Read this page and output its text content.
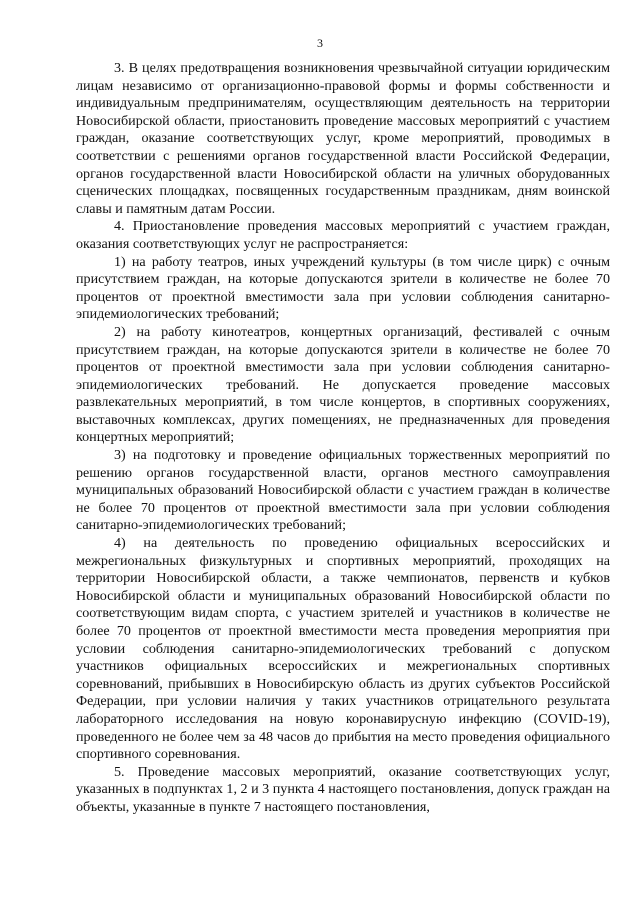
3

3. В целях предотвращения возникновения чрезвычайной ситуации юридическим лицам независимо от организационно-правовой формы и формы собственности и индивидуальным предпринимателям, осуществляющим деятельность на территории Новосибирской области, приостановить проведение массовых мероприятий с участием граждан, оказание соответствующих услуг, кроме мероприятий, проводимых в соответствии с решениями органов государственной власти Российской Федерации, органов государственной власти Новосибирской области на уличных оборудованных сценических площадках, посвященных государственным праздникам, дням воинской славы и памятным датам России.

4. Приостановление проведения массовых мероприятий с участием граждан, оказания соответствующих услуг не распространяется:

1) на работу театров, иных учреждений культуры (в том числе цирк) с очным присутствием граждан, на которые допускаются зрители в количестве не более 70 процентов от проектной вместимости зала при условии соблюдения санитарно-эпидемиологических требований;

2) на работу кинотеатров, концертных организаций, фестивалей с очным присутствием граждан, на которые допускаются зрители в количестве не более 70 процентов от проектной вместимости зала при условии соблюдения санитарно-эпидемиологических требований. Не допускается проведение массовых развлекательных мероприятий, в том числе концертов, в спортивных сооружениях, выставочных комплексах, других помещениях, не предназначенных для проведения концертных мероприятий;

3) на подготовку и проведение официальных торжественных мероприятий по решению органов государственной власти, органов местного самоуправления муниципальных образований Новосибирской области с участием граждан в количестве не более 70 процентов от проектной вместимости зала при условии соблюдения санитарно-эпидемиологических требований;

4) на деятельность по проведению официальных всероссийских и межрегиональных физкультурных и спортивных мероприятий, проходящих на территории Новосибирской области, а также чемпионатов, первенств и кубков Новосибирской области и муниципальных образований Новосибирской области по соответствующим видам спорта, с участием зрителей и участников в количестве не более 70 процентов от проектной вместимости места проведения мероприятия при условии соблюдения санитарно-эпидемиологических требований с допуском участников официальных всероссийских и межрегиональных спортивных соревнований, прибывших в Новосибирскую область из других субъектов Российской Федерации, при условии наличия у таких участников отрицательного результата лабораторного исследования на новую коронавирусную инфекцию (COVID-19), проведенного не более чем за 48 часов до прибытия на место проведения официального спортивного соревнования.

5. Проведение массовых мероприятий, оказание соответствующих услуг, указанных в подпунктах 1, 2 и 3 пункта 4 настоящего постановления, допуск граждан на объекты, указанные в пункте 7 настоящего постановления,
